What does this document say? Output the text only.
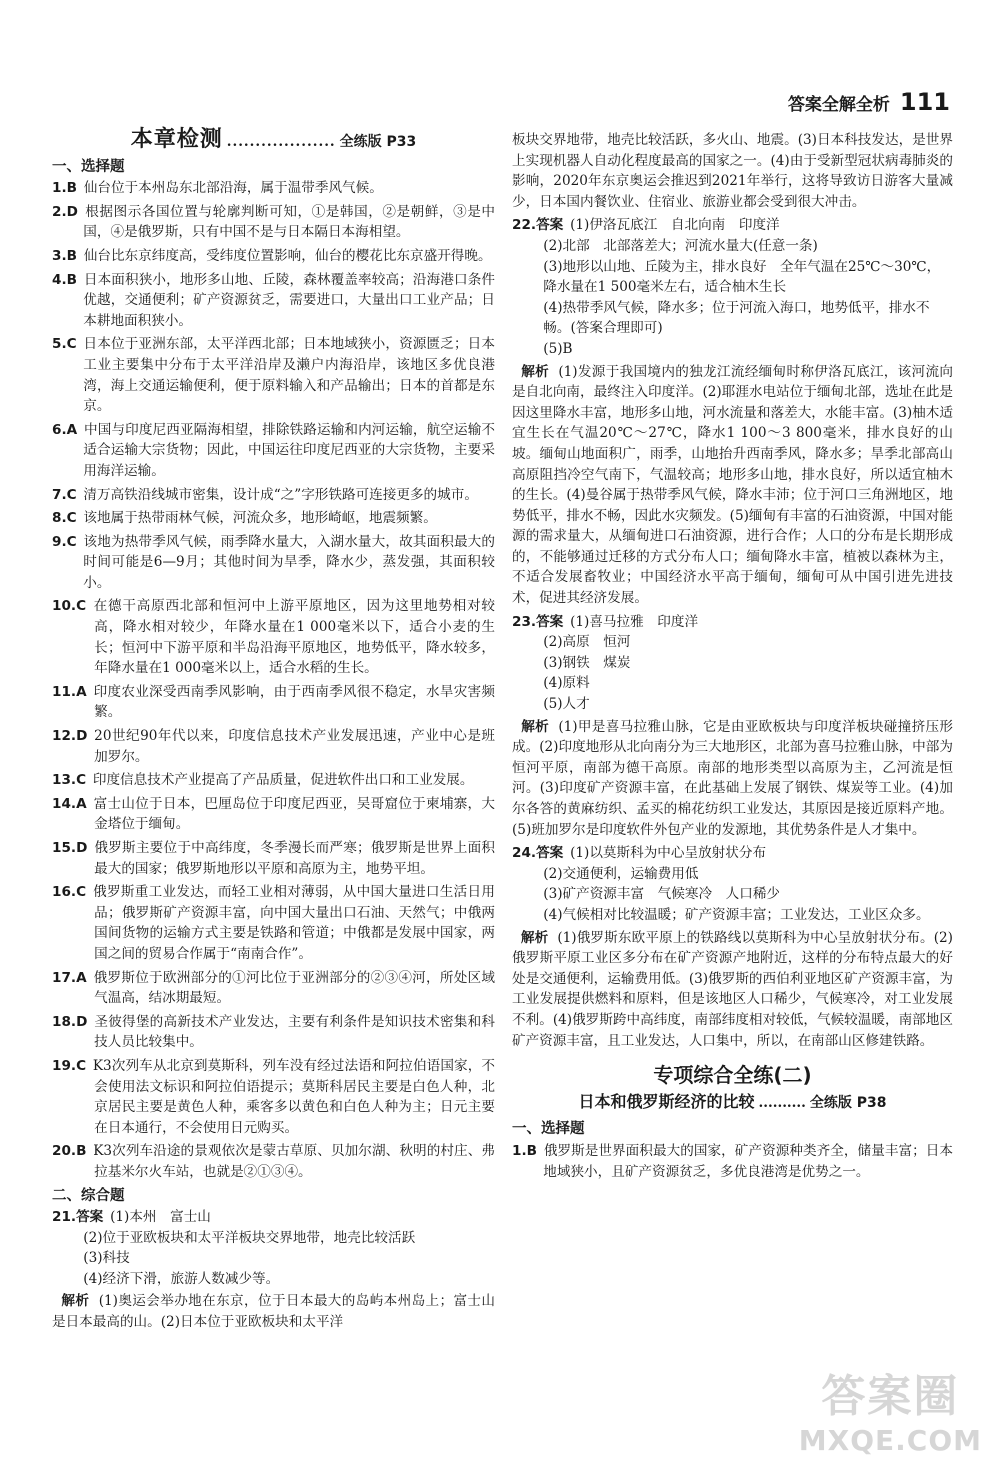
答案全解全析 111
本章检测 ................... 全练版 P33
一、选择题
1.B  仙台位于本州岛东北部沿海，属于温带季风气候。
2.D  根据图示各国位置与轮廓判断可知，①是韩国，②是朝鲜，③是中国，④是俄罗斯，只有中国不是与日本隔日本海相望。
3.B  仙台比东京纬度高，受纬度位置影响，仙台的樱花比东京盛开得晚。
4.B  日本面积狭小，地形多山地、丘陵，森林覆盖率较高；沿海港口条件优越，交通便利；矿产资源贫乏，需要进口，大量出口工业产品；日本耕地面积狭小。
5.C  日本位于亚洲东部，太平洋西北部；日本地域狭小，资源匮乏；日本工业主要集中分布于太平洋沿岸及濑户内海沿岸，该地区多优良港湾，海上交通运输便利，便于原料输入和产品输出；日本的首都是东京。
6.A  中国与印度尼西亚隔海相望，排除铁路运输和内河运输，航空运输不适合运输大宗货物；因此，中国运往印度尼西亚的大宗货物，主要采用海洋运输。
7.C  清万高铁沿线城市密集，设计成“之”字形铁路可连接更多的城市。
8.C  该地属于热带雨林气候，河流众多，地形崎岖，地震频繁。
9.C  该地为热带季风气候，雨季降水量大，入湖水量大，故其面积最大的时间可能是6—9月；其他时间为旱季，降水少，蒸发强，其面积较小。
10.C  在德干高原西北部和恒河中上游平原地区，因为这里地势相对较高，降水相对较少，年降水量在1 000毫米以下，适合小麦的生长；恒河中下游平原和半岛沿海平原地区，地势低平，降水较多，年降水量在1 000毫米以上，适合水稻的生长。
11.A  印度农业深受西南季风影响，由于西南季风很不稳定，水旱灾害频繁。
12.D  20世纪90年代以来，印度信息技术产业发展迅速，产业中心是班加罗尔。
13.C  印度信息技术产业提高了产品质量，促进软件出口和工业发展。
14.A  富士山位于日本，巴厘岛位于印度尼西亚，吴哥窟位于柬埔寨，大金塔位于缅甸。
15.D  俄罗斯主要位于中高纬度，冬季漫长而严寒；俄罗斯是世界上面积最大的国家；俄罗斯地形以平原和高原为主，地势平坦。
16.C  俄罗斯重工业发达，而轻工业相对薄弱，从中国大量进口生活日用品；俄罗斯矿产资源丰富，向中国大量出口石油、天然气；中俄两国间货物的运输方式主要是铁路和管道；中俄都是发展中国家，两国之间的贸易合作属于“南南合作”。
17.A  俄罗斯位于欧洲部分的①河比位于亚洲部分的②③④河，所处区域气温高，结冰期最短。
18.D  圣彼得堡的高新技术产业发达，主要有利条件是知识技术密集和科技人员比较集中。
19.C  K3次列车从北京到莫斯科，列车没有经过法语和阿拉伯语国家，不会使用法文标识和阿拉伯语提示；莫斯科居民主要是白色人种，北京居民主要是黄色人种，乘客多以黄色和白色人种为主；日元主要在日本通行，不会使用日元购买。
20.B  K3次列车沿途的景观依次是蒙古草原、贝加尔湖、秋明的村庄、弗拉基米尔火车站，也就是②①③④。
二、综合题
21.答案  (1)本州　富士山
(2)位于亚欧板块和太平洋板块交界地带，地壳比较活跃
(3)科技
(4)经济下滑，旅游人数减少等。
解析 (1)奥运会举办地在东京，位于日本最大的岛屿本州岛上；富士山是日本最高的山。(2)日本位于亚欧板块和太平洋
板块交界地带，地壳比较活跃，多火山、地震。(3)日本科技发达，是世界上实现机器人自动化程度最高的国家之一。(4)由于受新型冠状病毒肺炎的影响，2020年东京奥运会推迟到2021年举行，这将导致访日游客大量减少，日本国内餐饮业、住宿业、旅游业都会受到很大冲击。
22.答案  (1)伊洛瓦底江　自北向南　印度洋
(2)北部　北部落差大；河流水量大(任意一条)
(3)地形以山地、丘陵为主，排水良好　全年气温在25℃～30℃，降水量在1 500毫米左右，适合柚木生长
(4)热带季风气候，降水多；位于河流入海口，地势低平，排水不畅。(答案合理即可)
(5)B
解析 (1)发源于我国境内的独龙江流经缅甸时称伊洛瓦底江，该河流向是自北向南，最终注入印度洋。(2)耶涯水电站位于缅甸北部，选址在此是因这里降水丰富，地形多山地，河水流量和落差大，水能丰富。(3)柚木适宜生长在气温20℃～27℃，降水1 100～3 800毫米，排水良好的山坡。缅甸山地面积广，雨季，山地抬升西南季风，降水多；旱季北部高山高原阻挡冷空气南下，气温较高；地形多山地，排水良好，所以适宜柚木的生长。(4)曼谷属于热带季风气候，降水丰沛；位于河口三角洲地区，地势低平，排水不畅，因此水灾频发。(5)缅甸有丰富的石油资源，中国对能源的需求量大，从缅甸进口石油资源，进行合作；人口的分布是长期形成的，不能够通过迁移的方式分布人口；缅甸降水丰富，植被以森林为主，不适合发展畜牧业；中国经济水平高于缅甸，缅甸可从中国引进先进技术，促进其经济发展。
23.答案  (1)喜马拉雅　印度洋
(2)高原　恒河
(3)钢铁　煤炭
(4)原料
(5)人才
解析 (1)甲是喜马拉雅山脉，它是由亚欧板块与印度洋板块碰撞挤压形成。(2)印度地形从北向南分为三大地形区，北部为喜马拉雅山脉，中部为恒河平原，南部为德干高原。南部的地形类型以高原为主，乙河流是恒河。(3)印度矿产资源丰富，在此基础上发展了钢铁、煤炭等工业。(4)加尔各答的黄麻纺织、孟买的棉花纺织工业发达，其原因是接近原料产地。(5)班加罗尔是印度软件外包产业的发源地，其优势条件是人才集中。
24.答案  (1)以莫斯科为中心呈放射状分布
(2)交通便利，运输费用低
(3)矿产资源丰富　气候寒冷　人口稀少
(4)气候相对比较温暖；矿产资源丰富；工业发达，工业区众多。
解析 (1)俄罗斯东欧平原上的铁路线以莫斯科为中心呈放射状分布。(2)俄罗斯平原工业区多分布在矿产资源产地附近，这样的分布特点最大的好处是交通便利，运输费用低。(3)俄罗斯的西伯利亚地区矿产资源丰富，为工业发展提供燃料和原料，但是该地区人口稀少，气候寒冷，对工业发展不利。(4)俄罗斯跨中高纬度，南部纬度相对较低，气候较温暖，南部地区矿产资源丰富，且工业发达，人口集中，所以，在南部山区修建铁路。
专项综合全练(二)
日本和俄罗斯经济的比较 .......... 全练版 P38
一、选择题
1.B  俄罗斯是世界面积最大的国家，矿产资源种类齐全，储量丰富；日本地域狭小，且矿产资源贫乏，多优良港湾是优势之一。
答案圈
MXQE.COM
